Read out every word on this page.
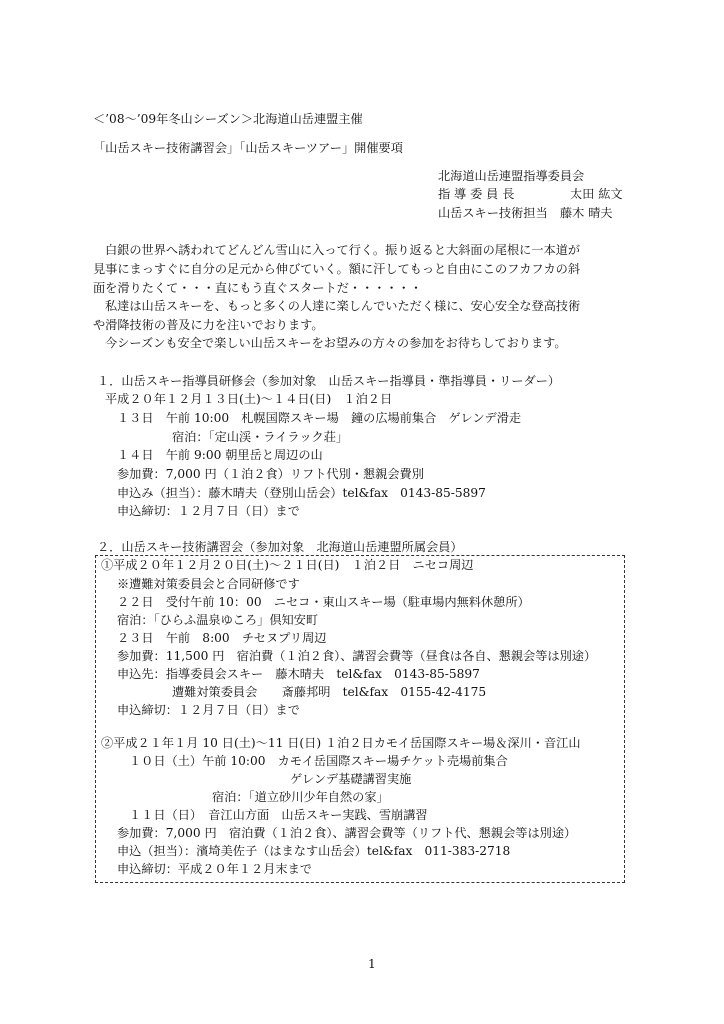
＜’08〜’09年冬山シーズン＞北海道山岳連盟主催
「山岳スキー技術講習会」「山岳スキーツアー」開催要項
北海道山岳連盟指導委員会
指 導 委 員 長	太田 紘文
山岳スキー技術担当 藤木 晴夫
白銀の世界へ誘われてどんどん雪山に入って行く。振り返ると大斜面の尾根に一本道が
見事にまっすぐに自分の足元から伸びていく。額に汗してもっと自由にこのフカフカの斜
面を滑りたくて・・・直にもう直ぐスタートだ・・・・・・
私達は山岳スキーを、もっと多くの人達に楽しんでいただく様に、安心安全な登高技術
や滑降技術の普及に力を注いでおります。
今シーズンも安全で楽しい山岳スキーをお望みの方々の参加をお待ちしております。
１．山岳スキー指導員研修会（参加対象　山岳スキー指導員・準指導員・リーダー）
平成２０年１２月１３日(土)〜１４日(日)　１泊２日
１３日　午前 10:00　札幌国際スキー場　鐘の広場前集合　ゲレンデ滑走
宿泊：「定山渓・ライラック荘」
１４日　午前 9:00 朝里岳と周辺の山
参加費：7,000 円（１泊２食）リフト代別・懇親会費別
申込み（担当）：藤木晴夫（登別山岳会）tel&fax　0143-85-5897
申込締切：１２月７日（日）まで
２．山岳スキー技術講習会（参加対象　北海道山岳連盟所属会員）
①平成２０年１２月２０日(土)〜２１日(日)　１泊２日　ニセコ周辺
※遭難対策委員会と合同研修です
２２日　受付午前 10：00　ニセコ・東山スキー場（駐車場内無料休憩所）
宿泊：「ひらふ温泉ゆころ」倶知安町
２３日　午前　8:00　チセヌプリ周辺
参加費：11,500 円　宿泊費（１泊２食）、講習会費等（昼食は各自、懇親会等は別途）
申込先：指導委員会スキー　藤木晴夫　tel&fax　0143-85-5897
遭難対策委員会　　斎藤邦明　tel&fax　0155-42-4175
申込締切：１２月７日（日）まで
②平成２１年１月 10 日(土)〜11 日(日) １泊２日カモイ岳国際スキー場＆深川・音江山
１０日（土）午前 10:00　カモイ岳国際スキー場チケット売場前集合
ゲレンデ基礎講習実施
宿泊：「道立砂川少年自然の家」
１１日（日）　音江山方面　山岳スキー実践、雪崩講習
参加費：7,000 円　宿泊費（１泊２食）、講習会費等（リフト代、懇親会等は別途）
申込（担当）：濱埼美佐子（はまなす山岳会）tel&fax　011-383-2718
申込締切：平成２０年１２月末まで
1
